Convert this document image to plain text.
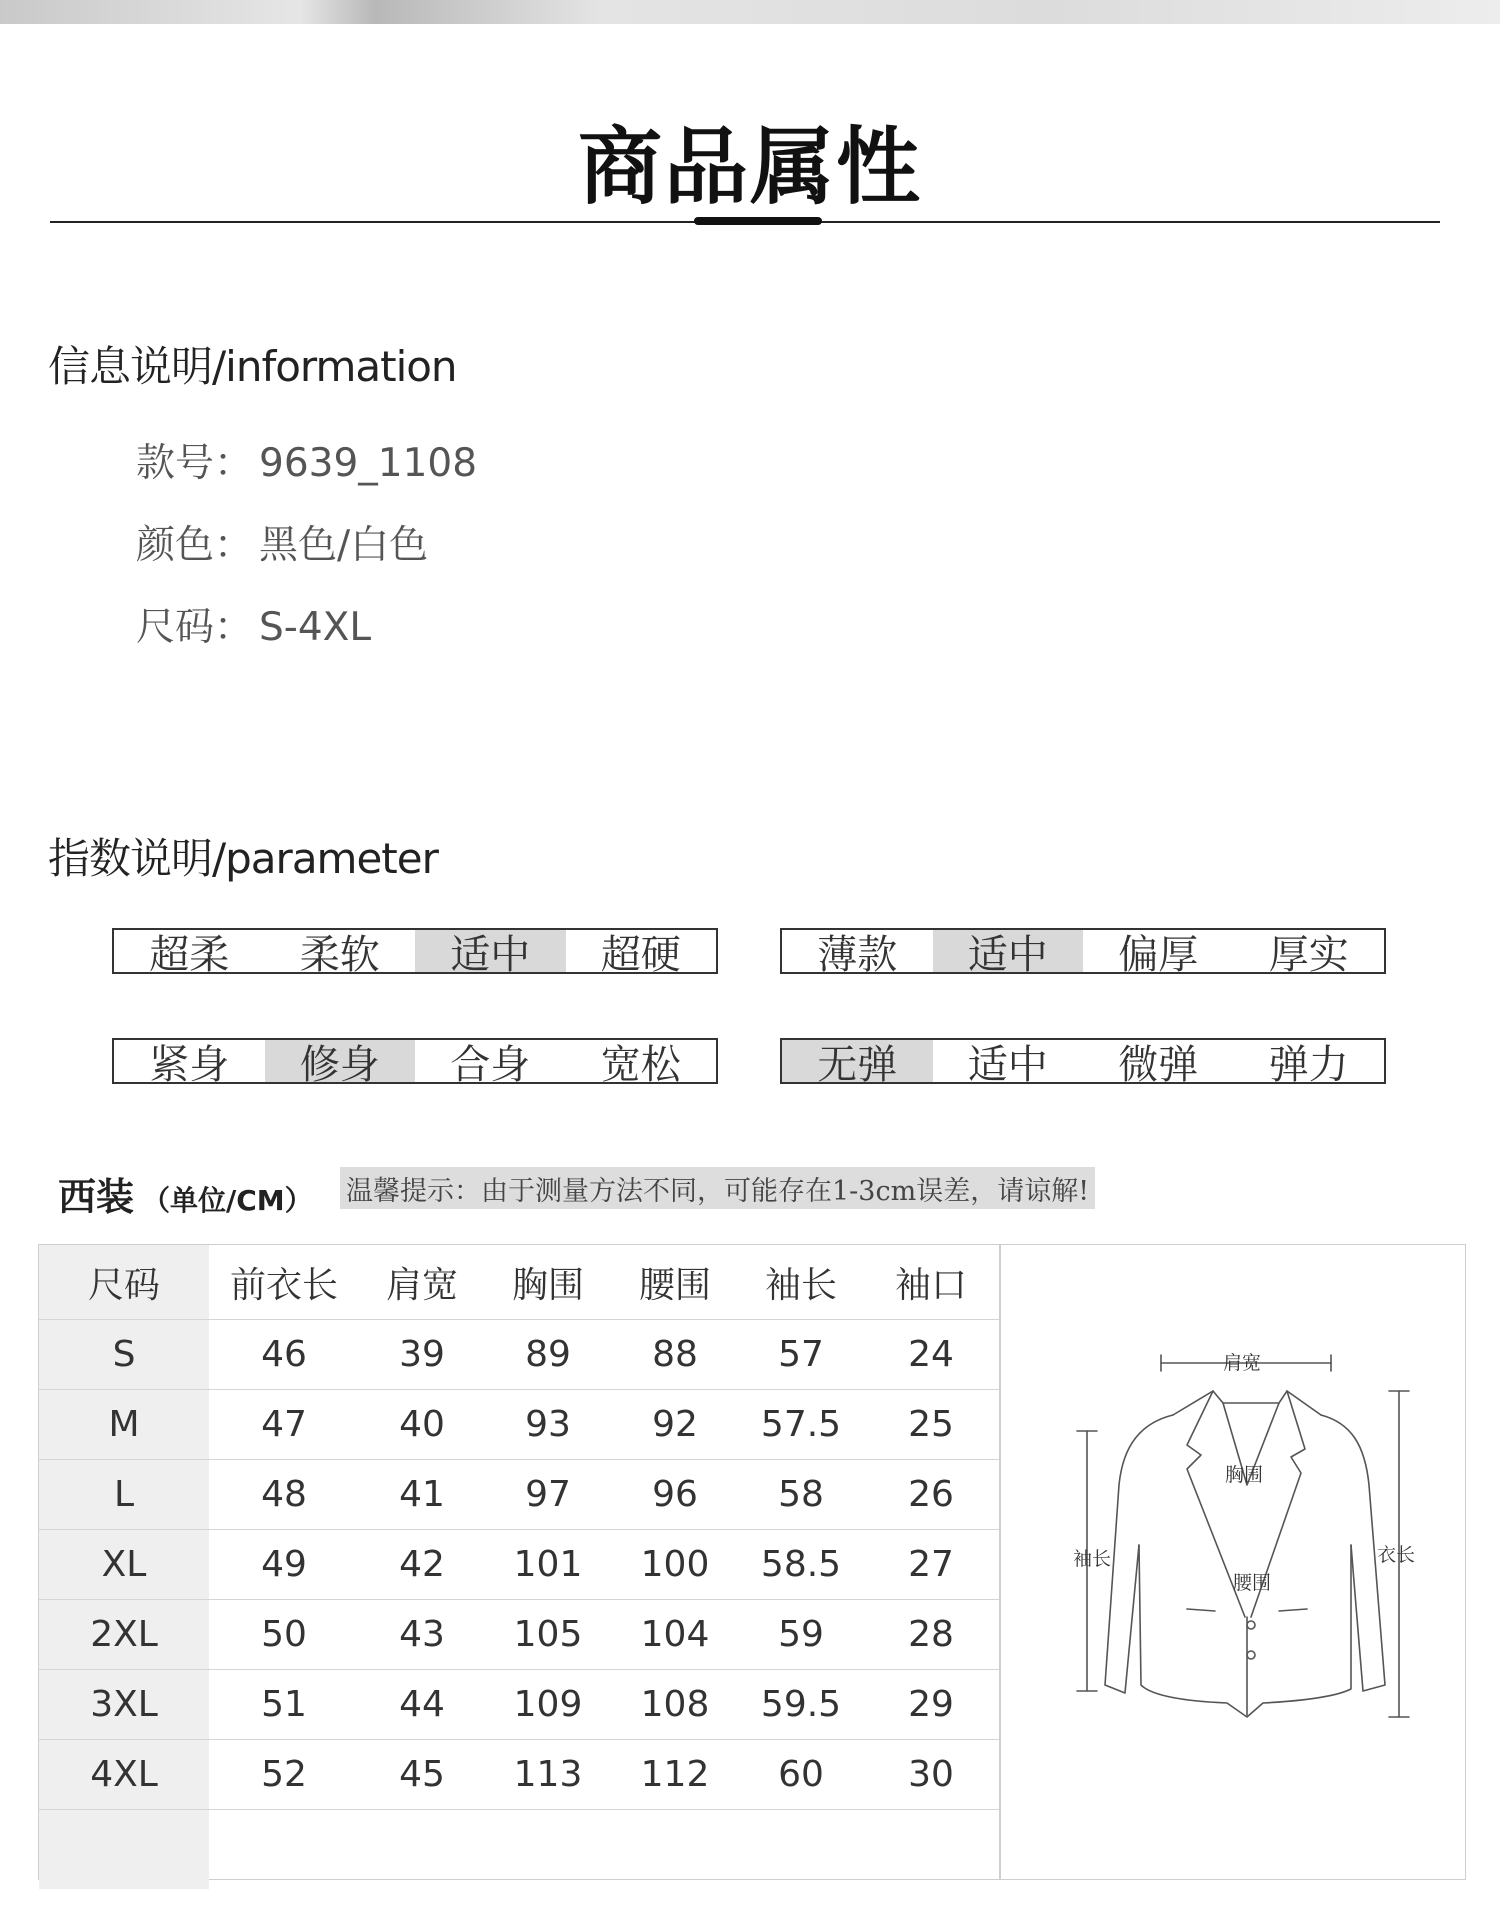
商品属性
信息说明/information
款号： 9639_1108
颜色： 黑色/白色
尺码： S-4XL
指数说明/parameter
超柔	柔软	适中	超硬	薄款	适中	偏厚	厚实
紧身	修身	合身	宽松	无弹	适中	微弹	弹力
西装 （单位/CM） 温馨提示：由于测量方法不同，可能存在1-3cm误差，请谅解!
尺码	前衣长	肩宽	胸围	腰围	袖长	袖口
S	46	39	89	88	57	24
M	47	40	93	92	57.5	25
L	48	41	97	96	58	26
XL	49	42	101	100	58.5	27
2XL	50	43	105	104	59	28
3XL	51	44	109	108	59.5	29
4XL	52	45	113	112	60	30

肩宽
胸围
袖长
腰围
衣长
